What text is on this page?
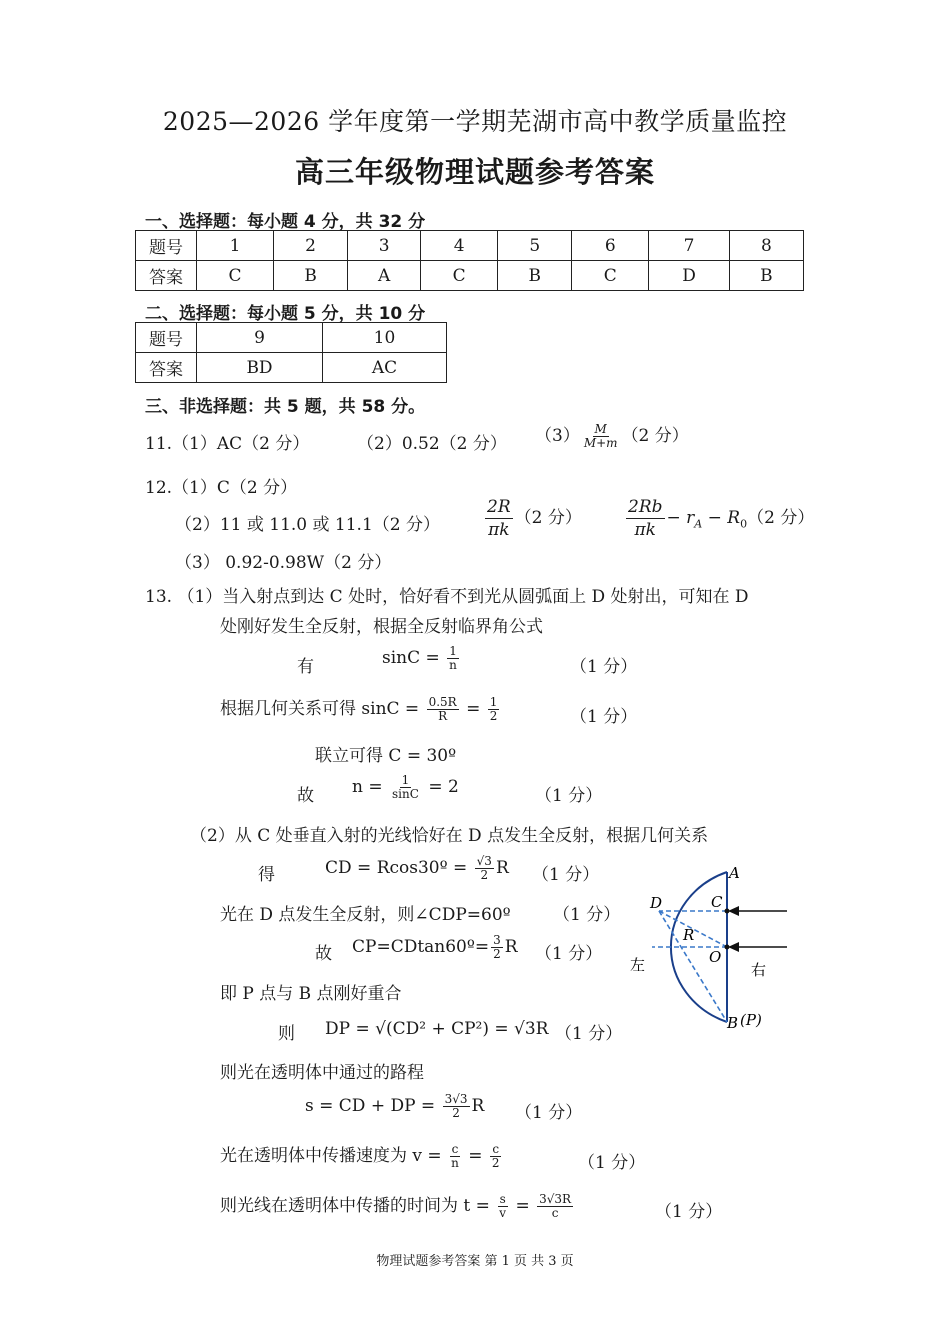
2025—2026 学年度第一学期芜湖市高中教学质量监控
高三年级物理试题参考答案
一、选择题：每小题 4 分，共 32 分
题号	1	2	3	4	5	6	7	8
答案	C	B	A	C	B	C	D	B
二、选择题：每小题 5 分，共 10 分
题号	9	10
答案	BD	AC
三、非选择题：共 5 题，共 58 分。
11.（1）AC（2 分）	（2）0.52（2 分） $(3) \frac{M}{M+m} (2$ 分）
12.（1）C（2 分）
（2）11 或 11.0 或 11.1（2 分）	$\frac{2R}{\pi k} (2$ 分）	$\frac{2Rb}{\pi k} - r_A - R_0(2$ 分）
（3） 0.92-0.98W（2 分）
13. （1）当入射点到达 C 处时，恰好看不到光从圆弧面上 D 处射出，可知在 D
处刚好发生全反射，根据全反射临界角公式
有	$\sin C = \frac{1}{n}$	（1 分）
根据几何关系可得 $\sin C = \frac{0.5R}{R} = \frac{1}{2}$	（1 分）
联立可得 C = 30º
故 $n = \frac{1}{\sin C} = 2$	（1 分）
（2）从 C 处垂直入射的光线恰好在 D 点发生全反射，根据几何关系
得	CD = Rcos30º = $\frac{√3}{2}$ R （1 分）
光在 D 点发生全反射，则∠CDP=60º （1 分）
故 CP=CDtan60º= $\frac{3}{2}$ R （1 分）
即 P 点与 B 点刚好重合
则 DP = √(CD² + CP²) = √3R （1 分）
则光在透明体中通过的路程
s = CD + DP = $\frac{3√3}{2}$ R （1 分）
光在透明体中传播速度为 $v = \frac{c}{n} = \frac{c}{2}$	（1 分）
则光线在透明体中传播的时间为 $t = \frac{s}{v} = \frac{3√3R}{c}$	（1 分）
A
C
D
R
O
B (P)
左	右
物理试题参考答案 第 1 页 共 3 页
